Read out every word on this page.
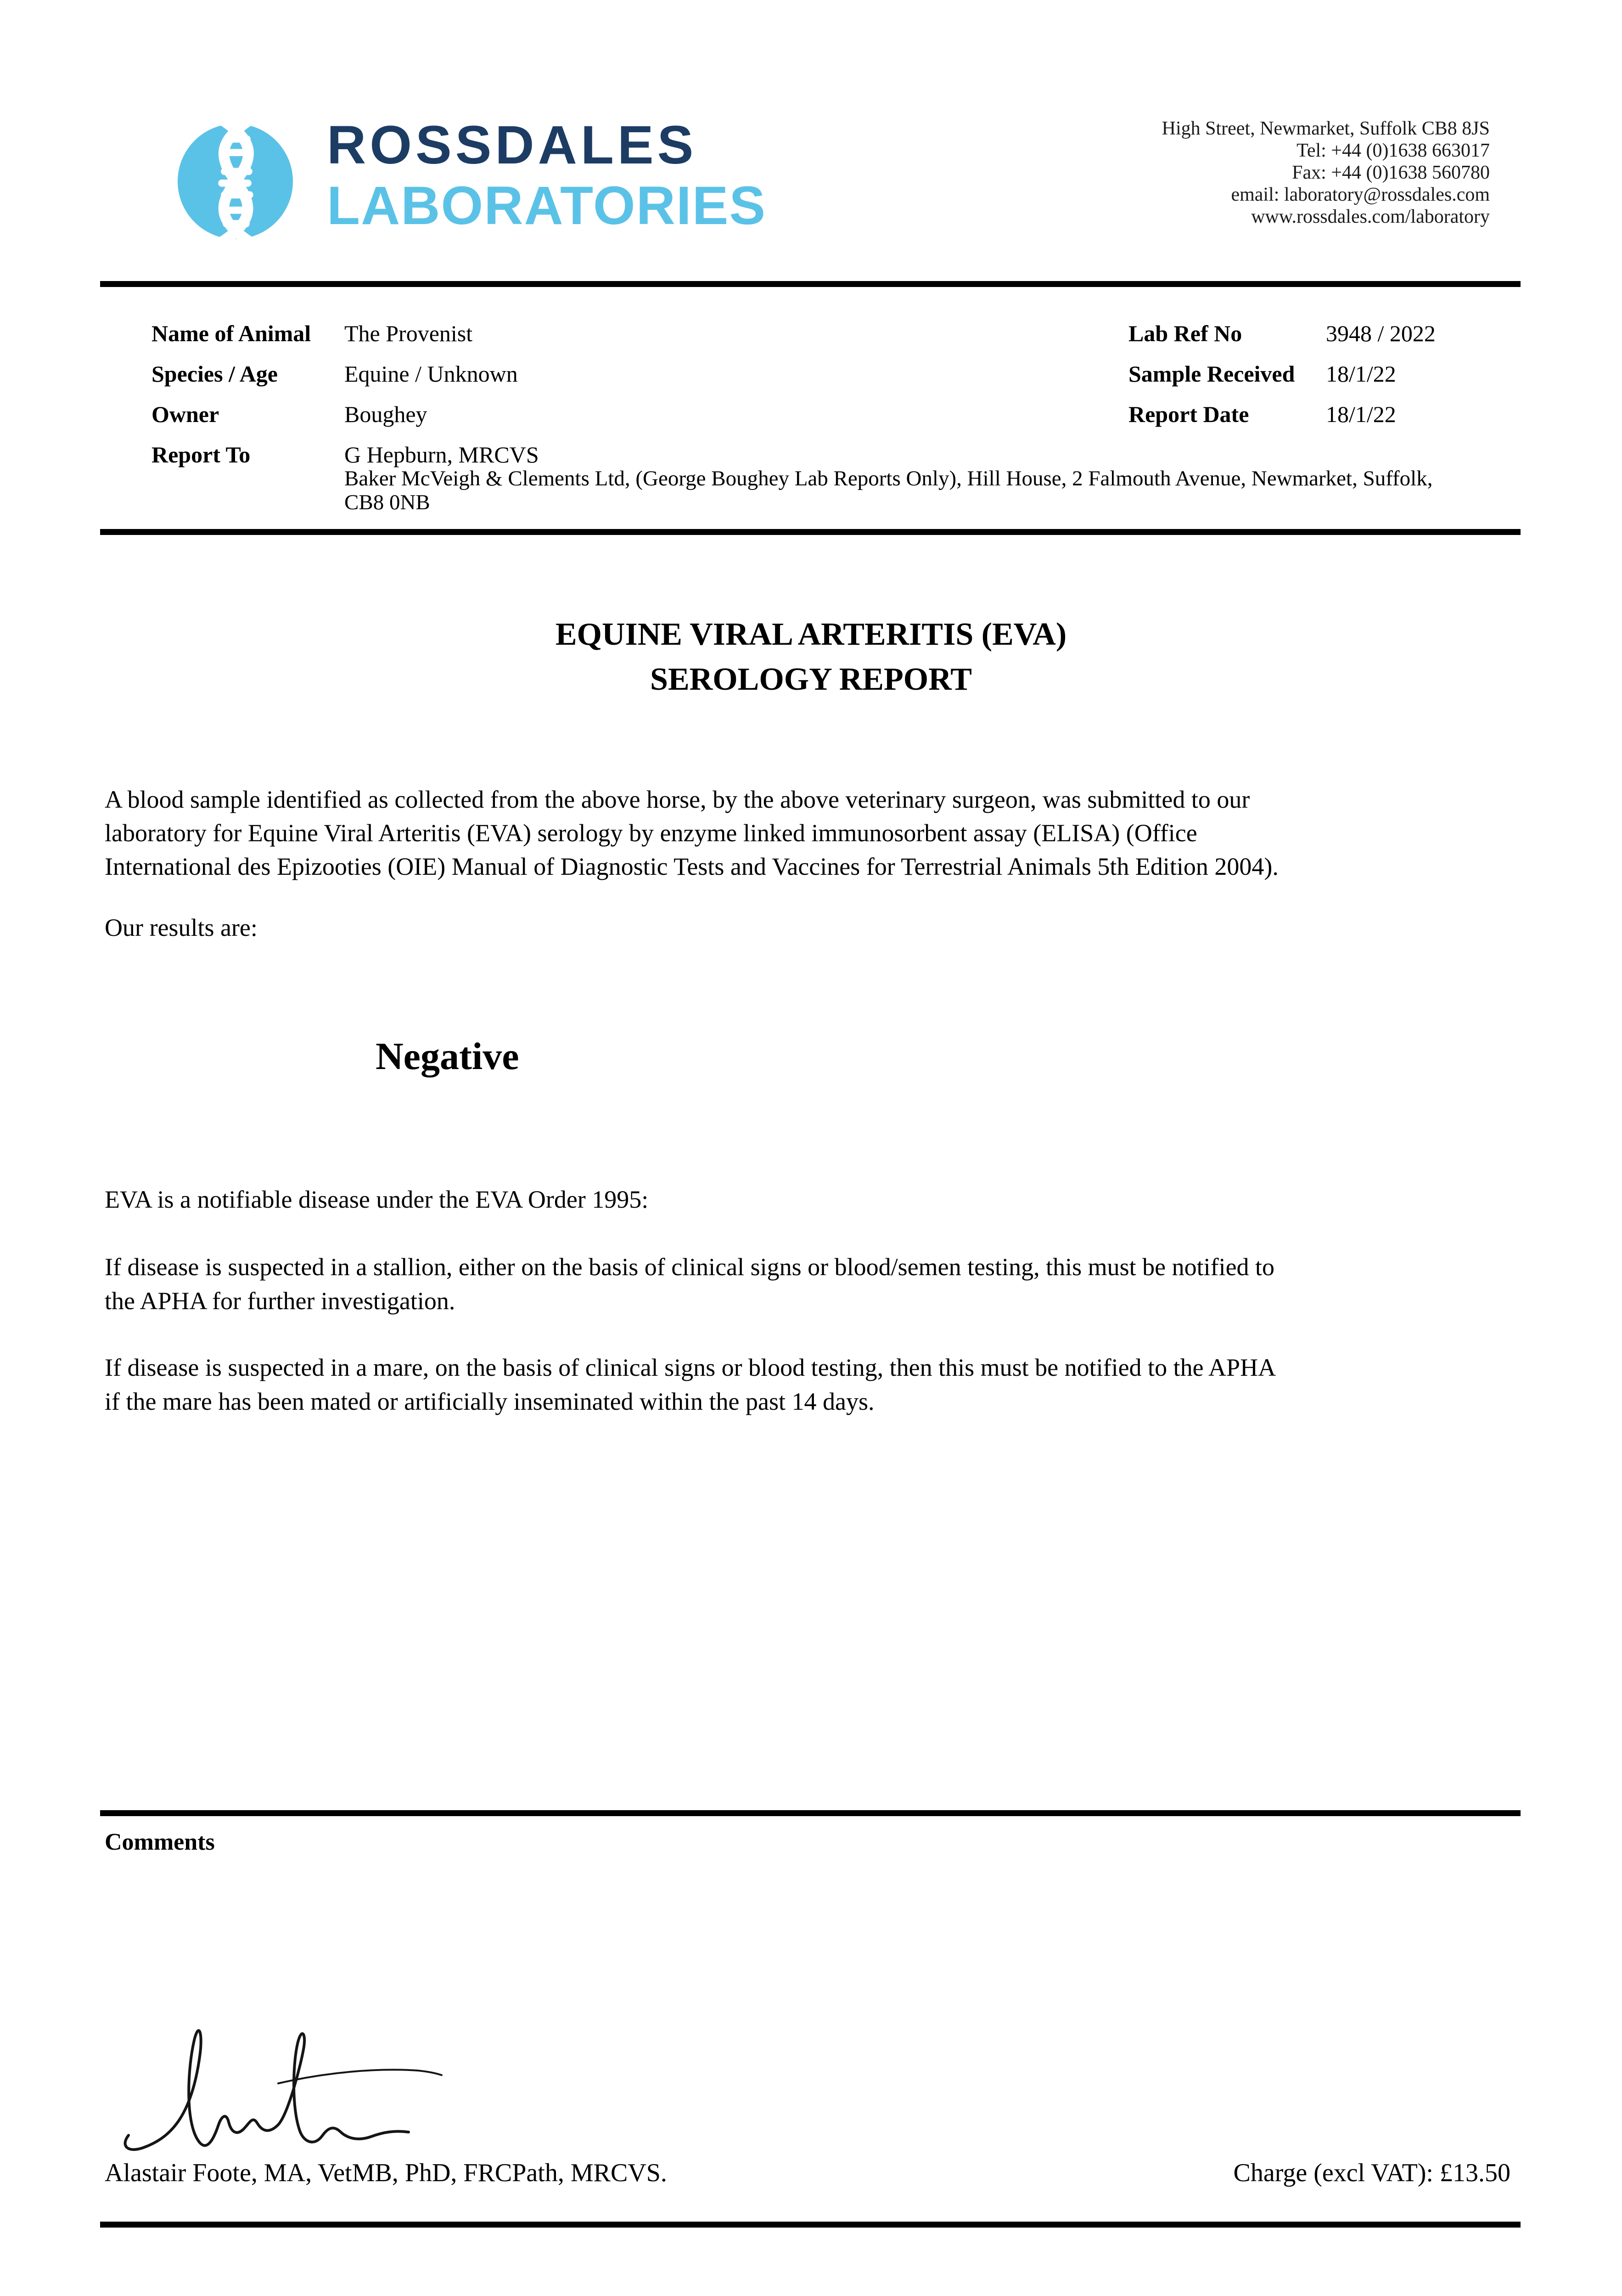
ROSSDALES
LABORATORIES
High Street, Newmarket, Suffolk CB8 8JS
Tel: +44 (0)1638 663017
Fax: +44 (0)1638 560780
email: laboratory@rossdales.com
www.rossdales.com/laboratory
Name of Animal The Provenist
Species / Age	Equine / Unknown
Owner	Boughey
Report To	G Hepburn, MRCVS
Baker McVeigh & Clements Ltd, (George Boughey Lab Reports Only), Hill House, 2 Falmouth Avenue, Newmarket, Suffolk,
CB8 0NB
Lab Ref No	3948 / 2022
Sample Received 18/1/22
Report Date	18/1/22
EQUINE VIRAL ARTERITIS (EVA)
SEROLOGY REPORT
A blood sample identified as collected from the above horse, by the above veterinary surgeon, was submitted to our
laboratory for Equine Viral Arteritis (EVA) serology by enzyme linked immunosorbent assay (ELISA) (Office
International des Epizooties (OIE) Manual of Diagnostic Tests and Vaccines for Terrestrial Animals 5th Edition 2004).
Our results are:
Negative
EVA is a notifiable disease under the EVA Order 1995:
If disease is suspected in a stallion, either on the basis of clinical signs or blood/semen testing, this must be notified to
the APHA for further investigation.
If disease is suspected in a mare, on the basis of clinical signs or blood testing, then this must be notified to the APHA
if the mare has been mated or artificially inseminated within the past 14 days.
Comments
Alastair Foote, MA, VetMB, PhD, FRCPath, MRCVS.	Charge (excl VAT): £13.50
